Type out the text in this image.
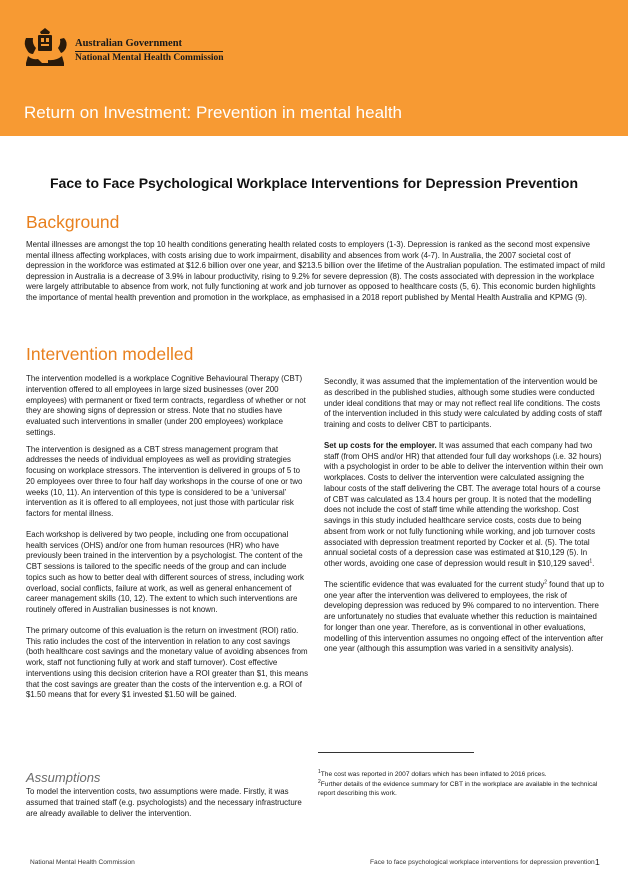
Australian Government
National Mental Health Commission
Return on Investment: Prevention in mental health
Face to Face Psychological Workplace Interventions for Depression Prevention
Background
Mental illnesses are amongst the top 10 health conditions generating health related costs to employers (1-3). Depression is ranked as the second most expensive mental illness affecting workplaces, with costs arising due to work impairment, disability and absences from work (4-7). In Australia, the 2007 societal cost of depression in the workforce was estimated at $12.6 billion over one year, and $213.5 billion over the lifetime of the Australian population. The estimated impact of mild depression in Australia is a decrease of 3.9% in labour productivity, rising to 9.2% for severe depression (8). The costs associated with depression in the workplace were largely attributable to absence from work, not fully functioning at work and job turnover as opposed to healthcare costs (5, 6). This economic burden highlights the importance of mental health prevention and promotion in the workplace, as emphasised in a 2018 report published by Mental Health Australia and KPMG (9).
Intervention modelled

The intervention modelled is a workplace Cognitive Behavioural Therapy (CBT) intervention offered to all employees in large sized businesses (over 200 employees) with permanent or fixed term contracts, regardless of whether or not they are showing signs of depression or stress. Note that no studies have evaluated such interventions in smaller (under 200 employees) workplace settings.

The intervention is designed as a CBT stress management program that addresses the needs of individual employees as well as providing strategies focusing on workplace stressors. The intervention is delivered in groups of 5 to 20 employees over three to four half day workshops in the course of one or two weeks (10, 11). An intervention of this type is considered to be a ‘universal’ intervention as it is offered to all employees, not just those with particular risk factors for mental illness.

Each workshop is delivered by two people, including one from occupational health services (OHS) and/or one from human resources (HR) who have previously been trained in the intervention by a psychologist. The content of the CBT sessions is tailored to the specific needs of the group and can include topics such as how to better deal with different sources of stress, including work overload, social conflicts, failure at work, as well as general enhancement of career management skills (10, 12). The extent to which such interventions are routinely offered in Australian businesses is not known.

The primary outcome of this evaluation is the return on investment (ROI) ratio. This ratio includes the cost of the intervention in relation to any cost savings (both healthcare cost savings and the monetary value of avoiding absences from work, staff not functioning fully at work and staff turnover). Cost effective interventions using this decision criterion have a ROI greater than $1, this means that the cost savings are greater than the costs of the intervention e.g. a ROI of $1.50 means that for every $1 invested $1.50 will be gained.

Assumptions
To model the intervention costs, two assumptions were made. Firstly, it was assumed that trained staff (e.g. psychologists) and the necessary infrastructure are already available to deliver the intervention.

Secondly, it was assumed that the implementation of the intervention would be as described in the published studies, although some studies were conducted under ideal conditions that may or may not reflect real life conditions. The costs of the intervention included in this study were calculated by adding costs of staff training and costs to deliver CBT to participants.

Set up costs for the employer. It was assumed that each company had two staff (from OHS and/or HR) that attended four full day workshops (i.e. 32 hours) with a psychologist in order to be able to deliver the intervention within their own workplaces. Costs to deliver the intervention were calculated assigning the labour costs of the staff delivering the CBT. The average total hours of a course of CBT was calculated as 13.4 hours per group. It is noted that the modelling does not include the cost of staff time while attending the workshop. Cost savings in this study included healthcare service costs, costs due to being absent from work or not fully functioning while working, and job turnover costs associated with depression treatment reported by Cocker et al. (5). The total annual societal costs of a depression case was estimated at $10,129 (5). In other words, avoiding one case of depression would result in $10,129 saved$^1$.

The scientific evidence that was evaluated for the current study$^2$ found that up to one year after the intervention was delivered to employees, the risk of developing depression was reduced by 9% compared to no intervention. There are unfortunately no studies that evaluate whether this reduction is maintained for longer than one year. Therefore, as is conventional in other evaluations, modelling of this intervention assumes no ongoing effect of the intervention after one year (although this assumption was varied in a sensitivity analysis).

$^1$The cost was reported in 2007 dollars which has been inflated to 2016 prices.

$^2$Further details of the evidence summary for CBT in the workplace are available in the technical report describing this work.

National Mental Health Commission	Face to face psychological workplace interventions for depression prevention 1
